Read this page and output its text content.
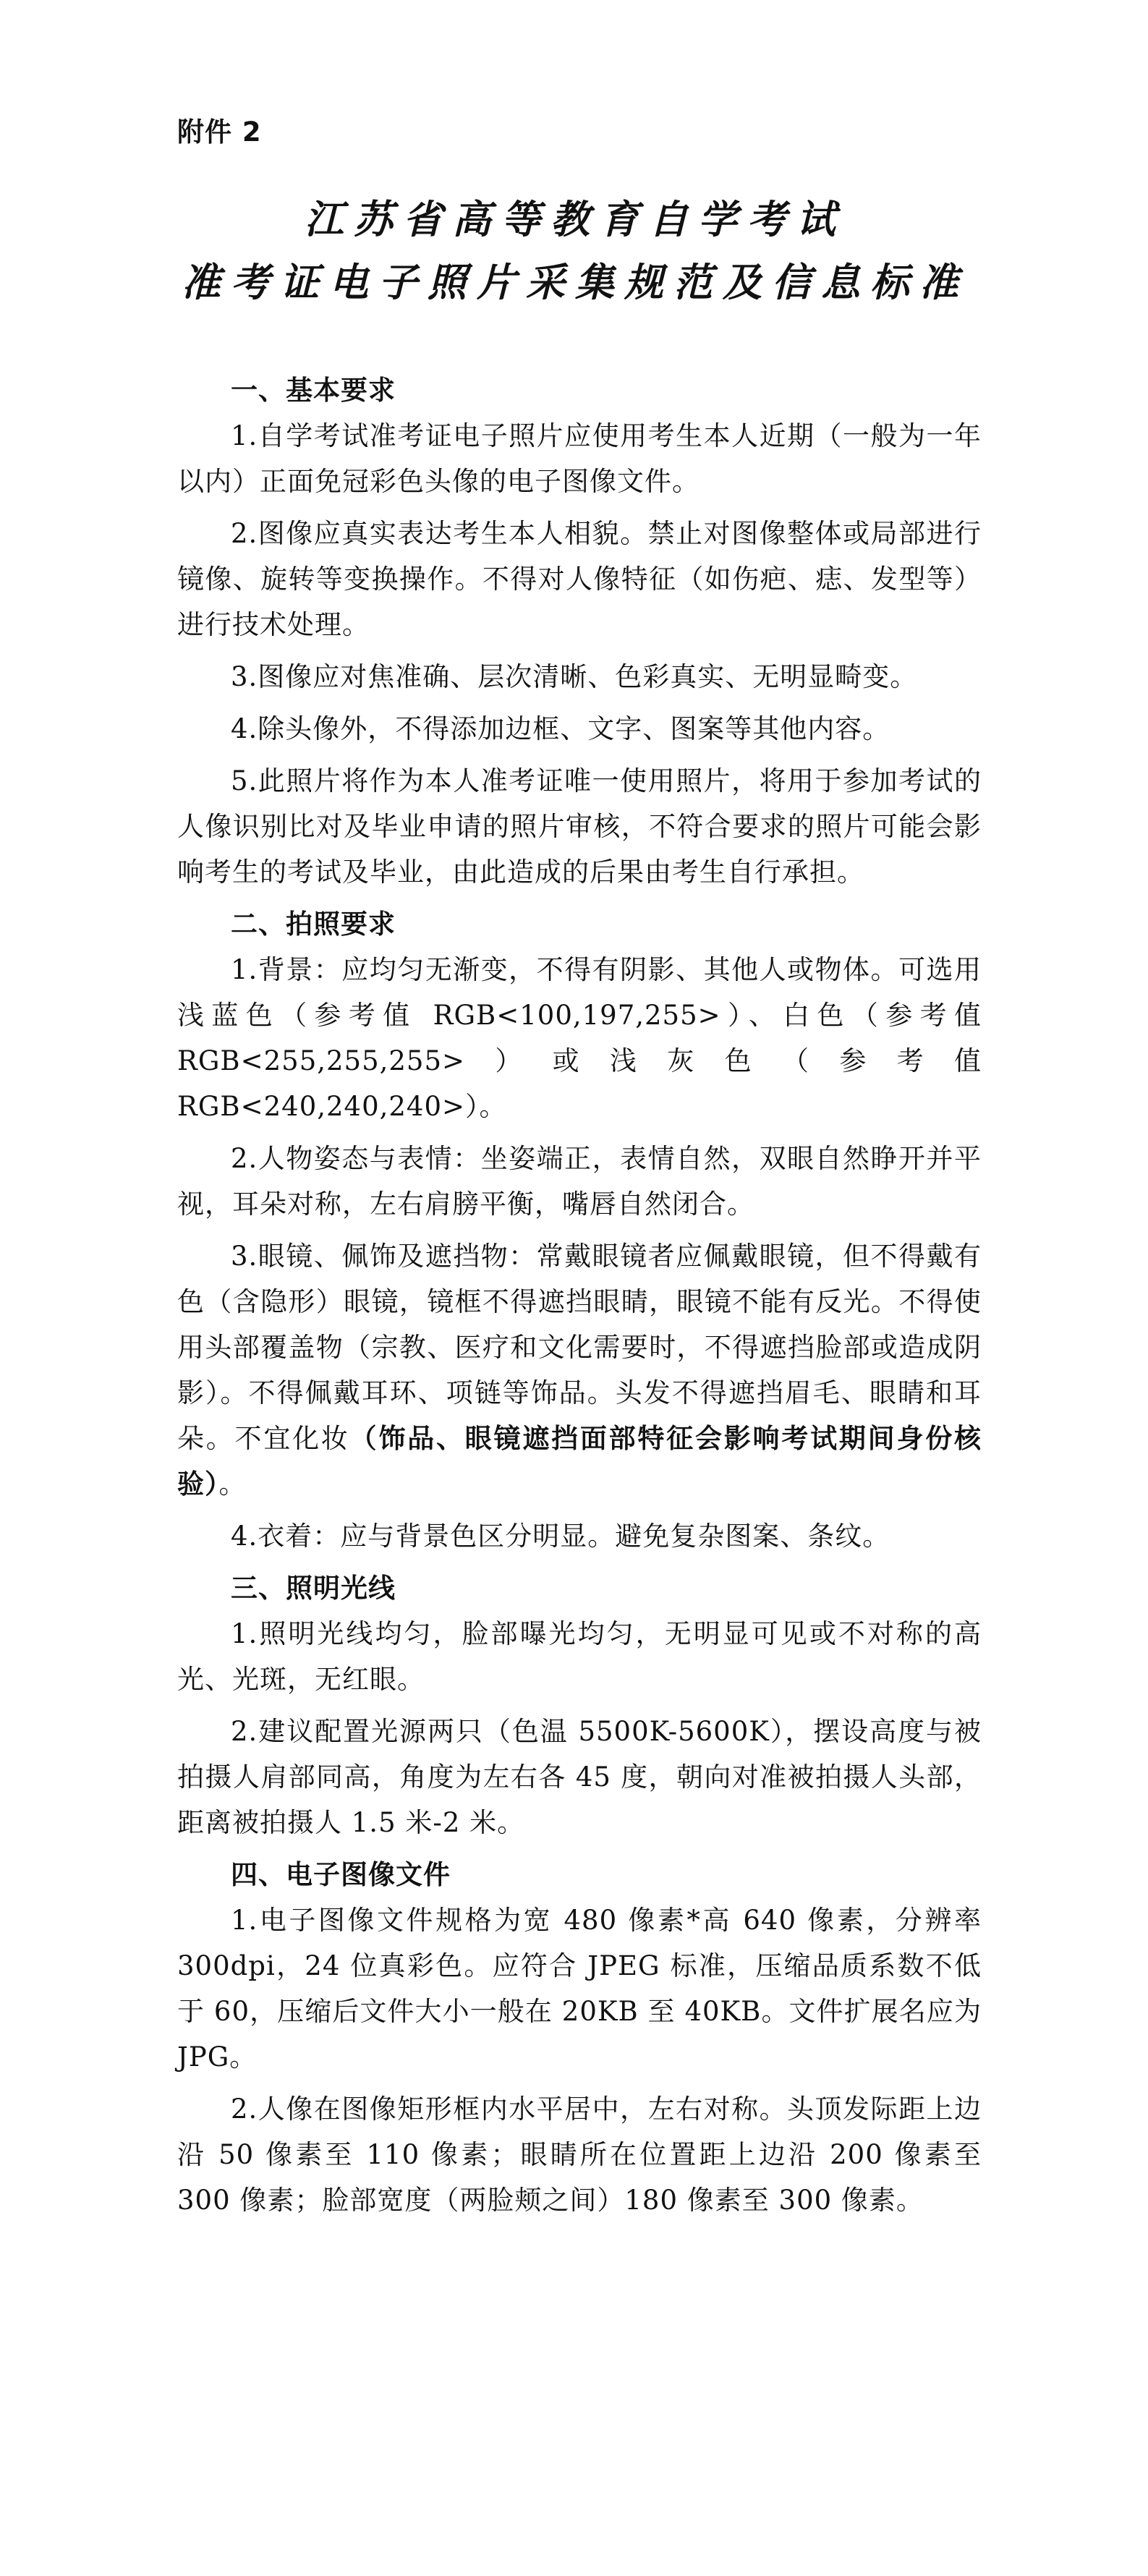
附件 2
江苏省高等教育自学考试
准考证电子照片采集规范及信息标准
一、基本要求

1.自学考试准考证电子照片应使用考生本人近期（一般为一年以内）正面免冠彩色头像的电子图像文件。

2.图像应真实表达考生本人相貌。禁止对图像整体或局部进行镜像、旋转等变换操作。不得对人像特征（如伤疤、痣、发型等）进行技术处理。

3.图像应对焦准确、层次清晰、色彩真实、无明显畸变。

4.除头像外，不得添加边框、文字、图案等其他内容。

5.此照片将作为本人准考证唯一使用照片，将用于参加考试的人像识别比对及毕业申请的照片审核，不符合要求的照片可能会影响考生的考试及毕业，由此造成的后果由考生自行承担。

二、拍照要求

1.背景：应均匀无渐变，不得有阴影、其他人或物体。可选用浅蓝色（参考值 RGB<100,197,255>）、白色（参考值 RGB<255,255,255>）或浅灰色（参考值 RGB<240,240,240>）。

2.人物姿态与表情：坐姿端正，表情自然，双眼自然睁开并平视，耳朵对称，左右肩膀平衡，嘴唇自然闭合。

3.眼镜、佩饰及遮挡物：常戴眼镜者应佩戴眼镜，但不得戴有色（含隐形）眼镜，镜框不得遮挡眼睛，眼镜不能有反光。不得使用头部覆盖物（宗教、医疗和文化需要时，不得遮挡脸部或造成阴影）。不得佩戴耳环、项链等饰品。头发不得遮挡眉毛、眼睛和耳朵。不宜化妆（饰品、眼镜遮挡面部特征会影响考试期间身份核验）。

4.衣着：应与背景色区分明显。避免复杂图案、条纹。

三、照明光线

1.照明光线均匀，脸部曝光均匀，无明显可见或不对称的高光、光斑，无红眼。

2.建议配置光源两只（色温 5500K-5600K），摆设高度与被拍摄人肩部同高，角度为左右各 45 度，朝向对准被拍摄人头部，距离被拍摄人 1.5 米-2 米。

四、电子图像文件

1.电子图像文件规格为宽 480 像素*高 640 像素，分辨率 300dpi，24 位真彩色。应符合 JPEG 标准，压缩品质系数不低于 60，压缩后文件大小一般在 20KB 至 40KB。文件扩展名应为 JPG。

2.人像在图像矩形框内水平居中，左右对称。头顶发际距上边沿 50 像素至 110 像素；眼睛所在位置距上边沿 200 像素至 300 像素；脸部宽度（两脸颊之间）180 像素至 300 像素。
